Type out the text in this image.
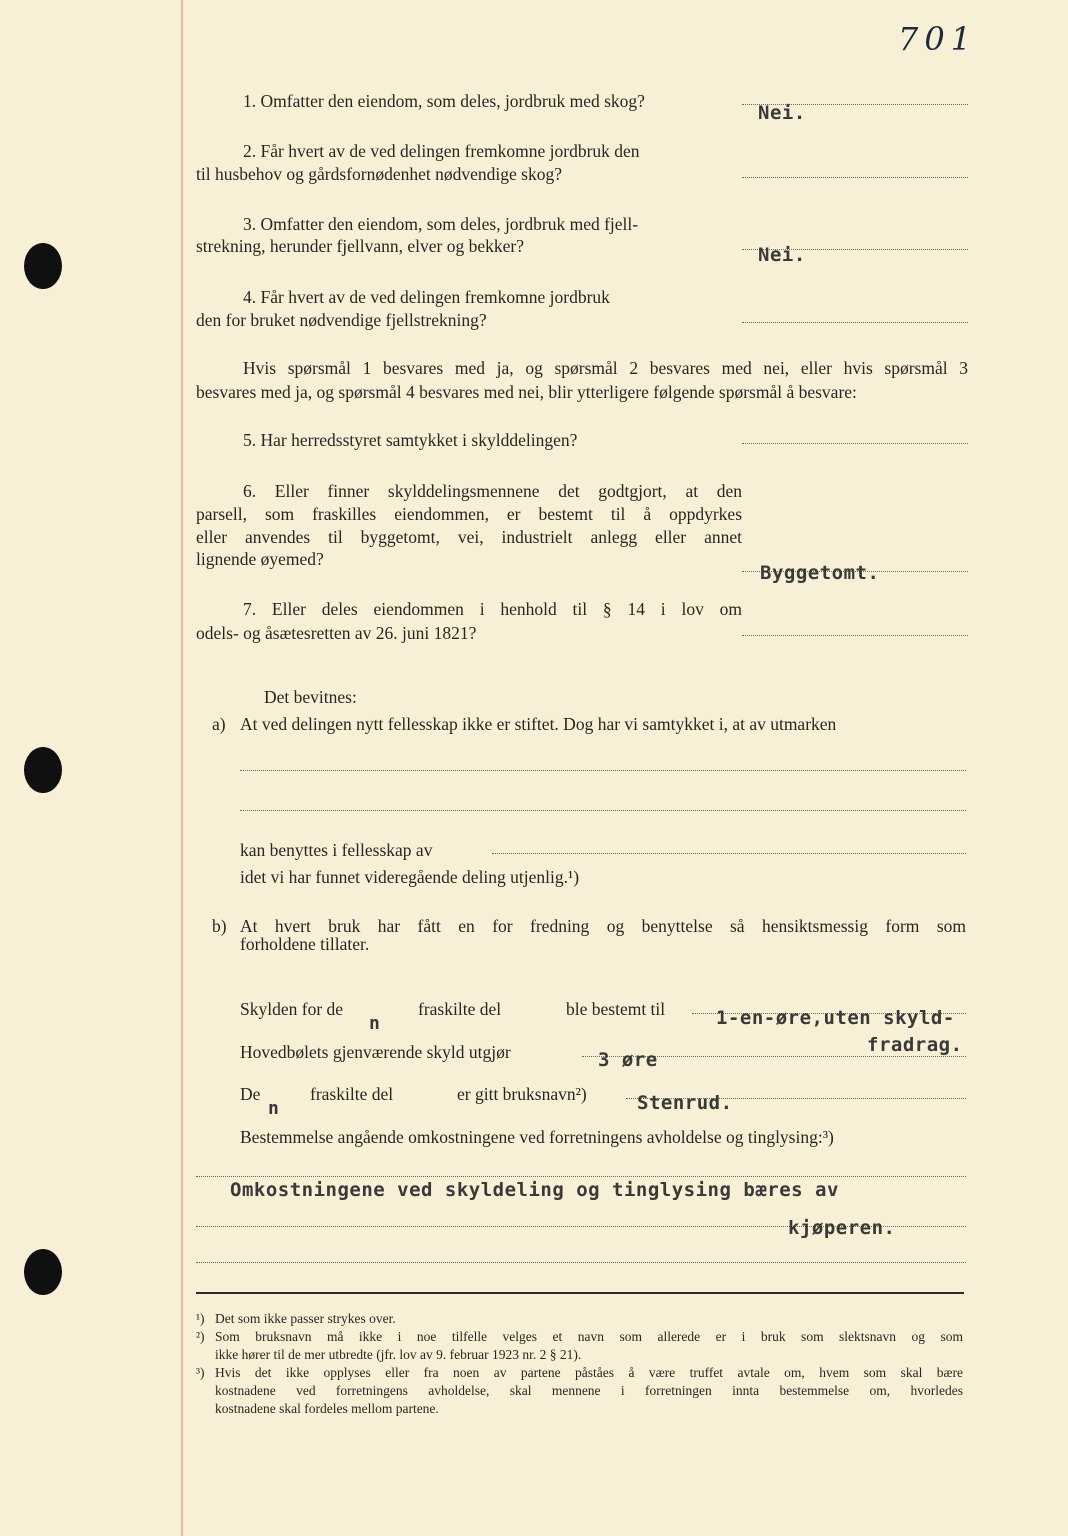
701
1. Omfatter den eiendom, som deles, jordbruk med skog?
Nei.
2. Får hvert av de ved delingen fremkomne jordbruk den
til husbehov og gårdsfornødenhet nødvendige skog?
3. Omfatter den eiendom, som deles, jordbruk med fjell-
strekning, herunder fjellvann, elver og bekker?	Nei.
4. Får hvert av de ved delingen fremkomne jordbruk
den for bruket nødvendige fjellstrekning?
Hvis spørsmål 1 besvares med ja, og spørsmål 2 besvares med nei, eller hvis spørsmål 3
besvares med ja, og spørsmål 4 besvares med nei, blir ytterligere følgende spørsmål å besvare:
5. Har herredsstyret samtykket i skylddelingen?
6. Eller finner skylddelingsmennene det godtgjort, at den
parsell, som fraskilles eiendommen, er bestemt til å oppdyrkes
eller anvendes til byggetomt, vei, industrielt anlegg eller annet
lignende øyemed?
Byggetomt.
7. Eller deles eiendommen i henhold til § 14 i lov om
odels- og åsætesretten av 26. juni 1821?
Det bevitnes:
a) At ved delingen nytt fellesskap ikke er stiftet. Dog har vi samtykket i, at av utmarken
kan benyttes i fellesskap av
idet vi har funnet videregående deling utjenlig.¹)
b) At hvert bruk har fått en for fredning og benyttelse så hensiktsmessig form som
forholdene tillater.
Skylden for de
n
fraskilte del	ble bestemt til	1-en-øre,uten skyld-
fradrag.
Hovedbølets gjenværende skyld utgjør	3 øre
De
n
fraskilte del	er gitt bruksnavn²)	Stenrud.
Bestemmelse angående omkostningene ved forretningens avholdelse og tinglysing:³)
Omkostningene ved skyldeling og tinglysing bæres av
kjøperen.
¹) Det som ikke passer strykes over.
²) Som bruksnavn må ikke i noe tilfelle velges et navn som allerede er i bruk som slektsnavn og som
ikke hører til de mer utbredte (jfr. lov av 9. februar 1923 nr. 2 § 21).
³) Hvis det ikke opplyses eller fra noen av partene påståes å være truffet avtale om, hvem som skal bære
kostnadene ved forretningens avholdelse, skal mennene i forretningen innta bestemmelse om, hvorledes
kostnadene skal fordeles mellom partene.
